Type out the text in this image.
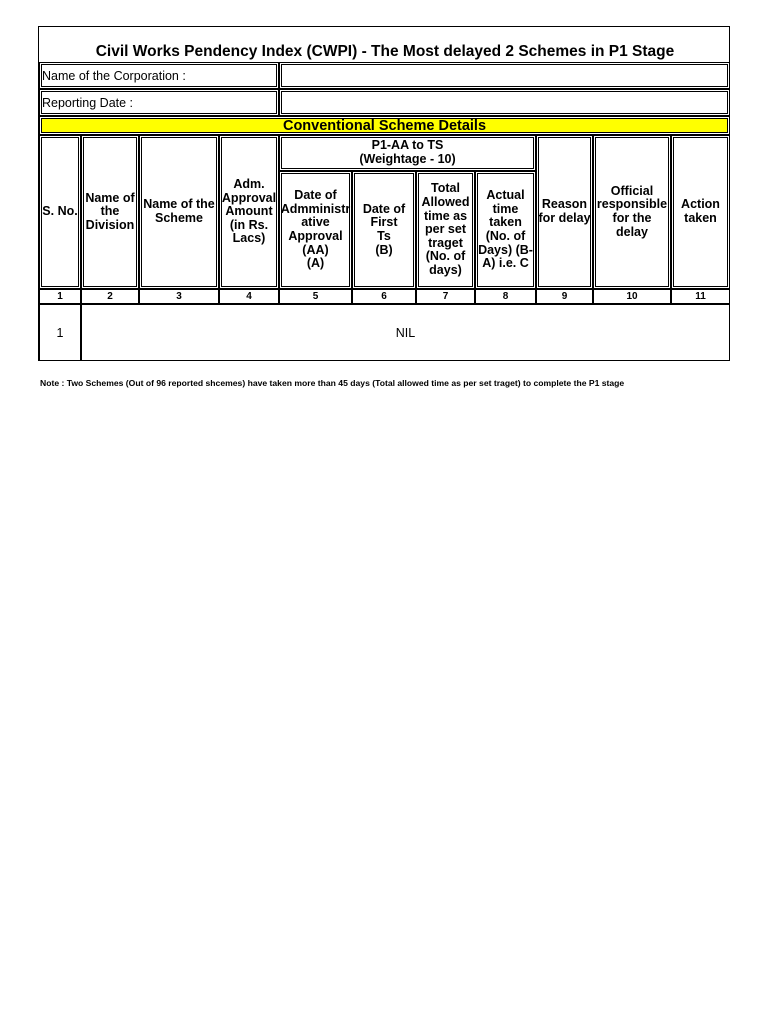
Civil Works Pendency Index (CWPI) - The Most delayed 2 Schemes in P1 Stage
Name of the Corporation :
Reporting Date :
Conventional Scheme Details
P1-AA to TS
(Weightage - 10)
1	NIL
S. No.
1
Name of
the
Division
2
Name of the
Scheme
3
Adm.
Approval
Amount
(in Rs.
Lacs)
4
Date of
Admministr
ative
Approval
(AA)
(A)
5
Date of
First
Ts
(B)
6
Total
Allowed
time as
per set
traget
(No. of
days)
7
Actual
time
taken
(No. of
Days) (B-
A) i.e. C
8
Reason
for delay
9
Official
responsible
for the
delay
10
Action
taken
11
Note : Two Schemes (Out of 96 reported shcemes) have taken more than 45 days (Total allowed time as per set traget) to complete the P1 stage
